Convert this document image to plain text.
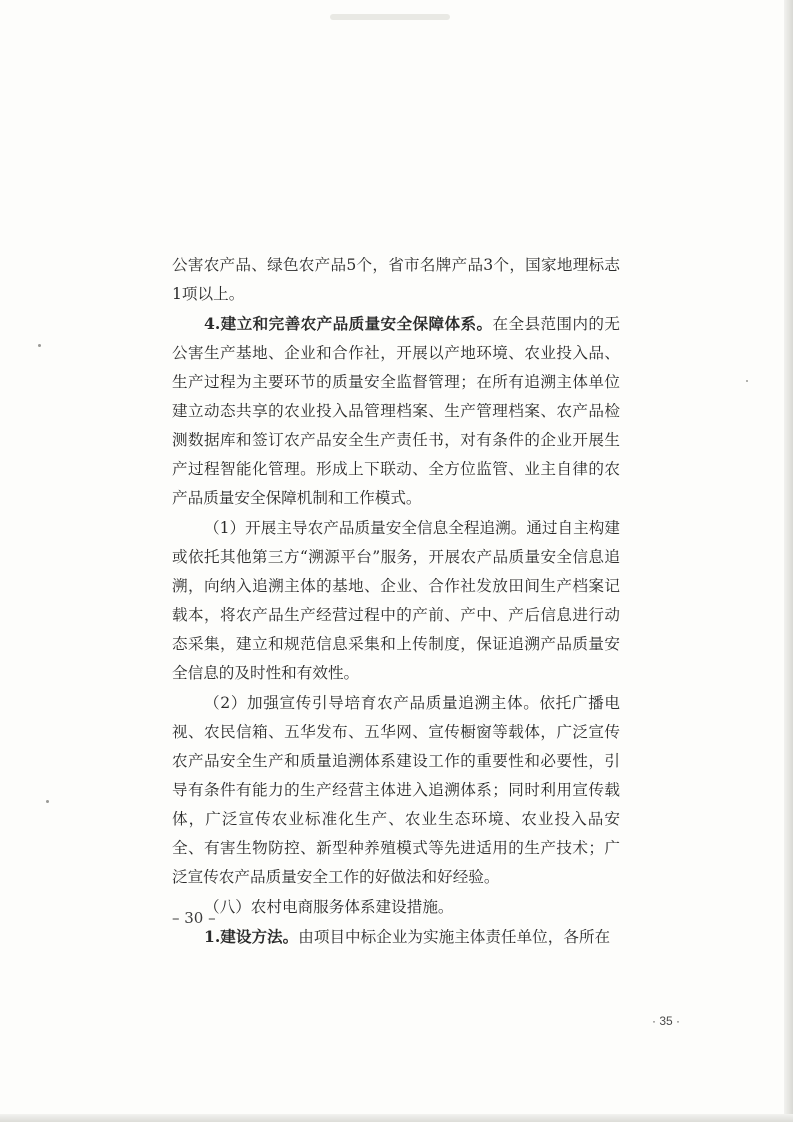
公害农产品、绿色农产品5个，省市名牌产品3个，国家地理标志1项以上。

4.建立和完善农产品质量安全保障体系。在全县范围内的无公害生产基地、企业和合作社，开展以产地环境、农业投入品、生产过程为主要环节的质量安全监督管理；在所有追溯主体单位建立动态共享的农业投入品管理档案、生产管理档案、农产品检测数据库和签订农产品安全生产责任书，对有条件的企业开展生产过程智能化管理。形成上下联动、全方位监管、业主自律的农产品质量安全保障机制和工作模式。

（1）开展主导农产品质量安全信息全程追溯。通过自主构建或依托其他第三方“溯源平台”服务，开展农产品质量安全信息追溯，向纳入追溯主体的基地、企业、合作社发放田间生产档案记载本，将农产品生产经营过程中的产前、产中、产后信息进行动态采集，建立和规范信息采集和上传制度，保证追溯产品质量安全信息的及时性和有效性。

（2）加强宣传引导培育农产品质量追溯主体。依托广播电视、农民信箱、五华发布、五华网、宣传橱窗等载体，广泛宣传农产品安全生产和质量追溯体系建设工作的重要性和必要性，引导有条件有能力的生产经营主体进入追溯体系；同时利用宣传载体，广泛宣传农业标准化生产、农业生态环境、农业投入品安全、有害生物防控、新型种养殖模式等先进适用的生产技术；广泛宣传农产品质量安全工作的好做法和好经验。

（八）农村电商服务体系建设措施。

1.建设方法。由项目中标企业为实施主体责任单位，各所在

– 30 –
· 35 ·
